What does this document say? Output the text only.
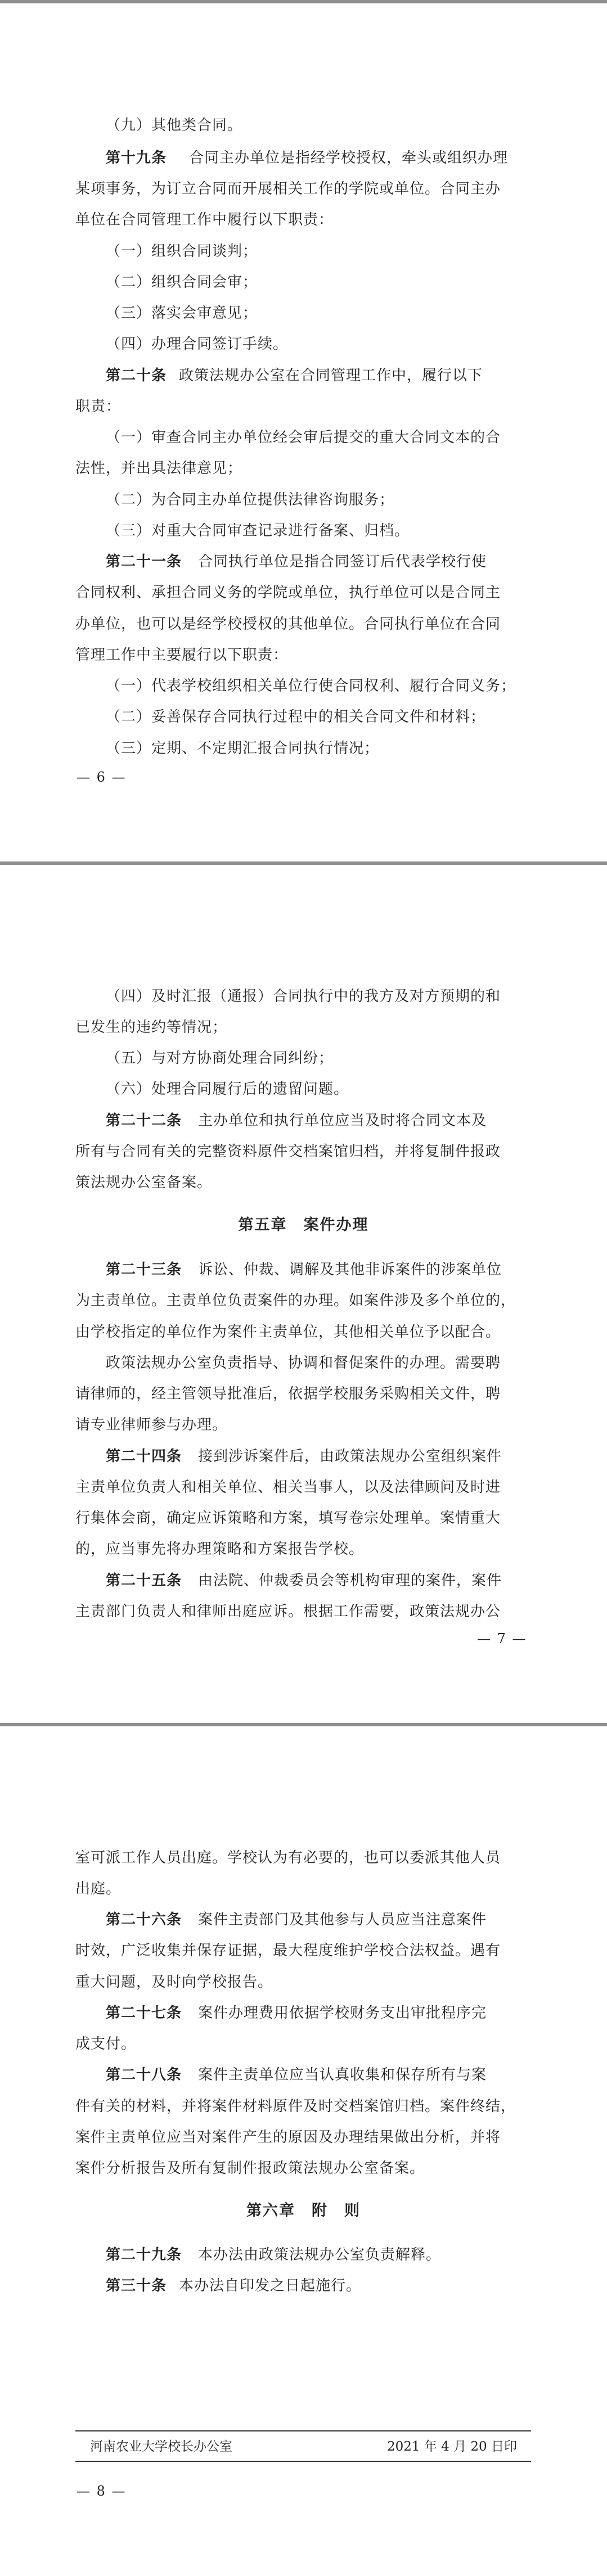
（九）其他类合同。
第十九条 合同主办单位是指经学校授权，牵头或组织办理
某项事务，为订立合同而开展相关工作的学院或单位。合同主办
单位在合同管理工作中履行以下职责：
（一）组织合同谈判；
（二）组织合同会审；
（三）落实会审意见；
（四）办理合同签订手续。
第二十条 政策法规办公室在合同管理工作中，履行以下
职责：
（一）审查合同主办单位经会审后提交的重大合同文本的合
法性，并出具法律意见；
（二）为合同主办单位提供法律咨询服务；
（三）对重大合同审查记录进行备案、归档。
第二十一条 合同执行单位是指合同签订后代表学校行使
合同权利、承担合同义务的学院或单位，执行单位可以是合同主
办单位，也可以是经学校授权的其他单位。合同执行单位在合同
管理工作中主要履行以下职责：
（一）代表学校组织相关单位行使合同权利、履行合同义务；
（二）妥善保存合同执行过程中的相关合同文件和材料；
（三）定期、不定期汇报合同执行情况；
— 6 —
（四）及时汇报（通报）合同执行中的我方及对方预期的和
已发生的违约等情况；
（五）与对方协商处理合同纠纷；
（六）处理合同履行后的遗留问题。
第二十二条 主办单位和执行单位应当及时将合同文本及
所有与合同有关的完整资料原件交档案馆归档，并将复制件报政
策法规办公室备案。
第五章　案件办理
第二十三条 诉讼、仲裁、调解及其他非诉案件的涉案单位
为主责单位。主责单位负责案件的办理。如案件涉及多个单位的，
由学校指定的单位作为案件主责单位，其他相关单位予以配合。
政策法规办公室负责指导、协调和督促案件的办理。需要聘
请律师的，经主管领导批准后，依据学校服务采购相关文件，聘
请专业律师参与办理。
第二十四条 接到涉诉案件后，由政策法规办公室组织案件
主责单位负责人和相关单位、相关当事人，以及法律顾问及时进
行集体会商，确定应诉策略和方案，填写卷宗处理单。案情重大
的，应当事先将办理策略和方案报告学校。
第二十五条 由法院、仲裁委员会等机构审理的案件，案件
主责部门负责人和律师出庭应诉。根据工作需要，政策法规办公
— 7 —
室可派工作人员出庭。学校认为有必要的，也可以委派其他人员
出庭。
第二十六条 案件主责部门及其他参与人员应当注意案件
时效，广泛收集并保存证据，最大程度维护学校合法权益。遇有
重大问题，及时向学校报告。
第二十七条 案件办理费用依据学校财务支出审批程序完
成支付。
第二十八条 案件主责单位应当认真收集和保存所有与案
件有关的材料，并将案件材料原件及时交档案馆归档。案件终结，
案件主责单位应当对案件产生的原因及办理结果做出分析，并将
案件分析报告及所有复制件报政策法规办公室备案。
第六章　附　则
第二十九条 本办法由政策法规办公室负责解释。
第三十条 本办法自印发之日起施行。
河南农业大学校长办公室	2021 年 4 月 20 日印
— 8 —
